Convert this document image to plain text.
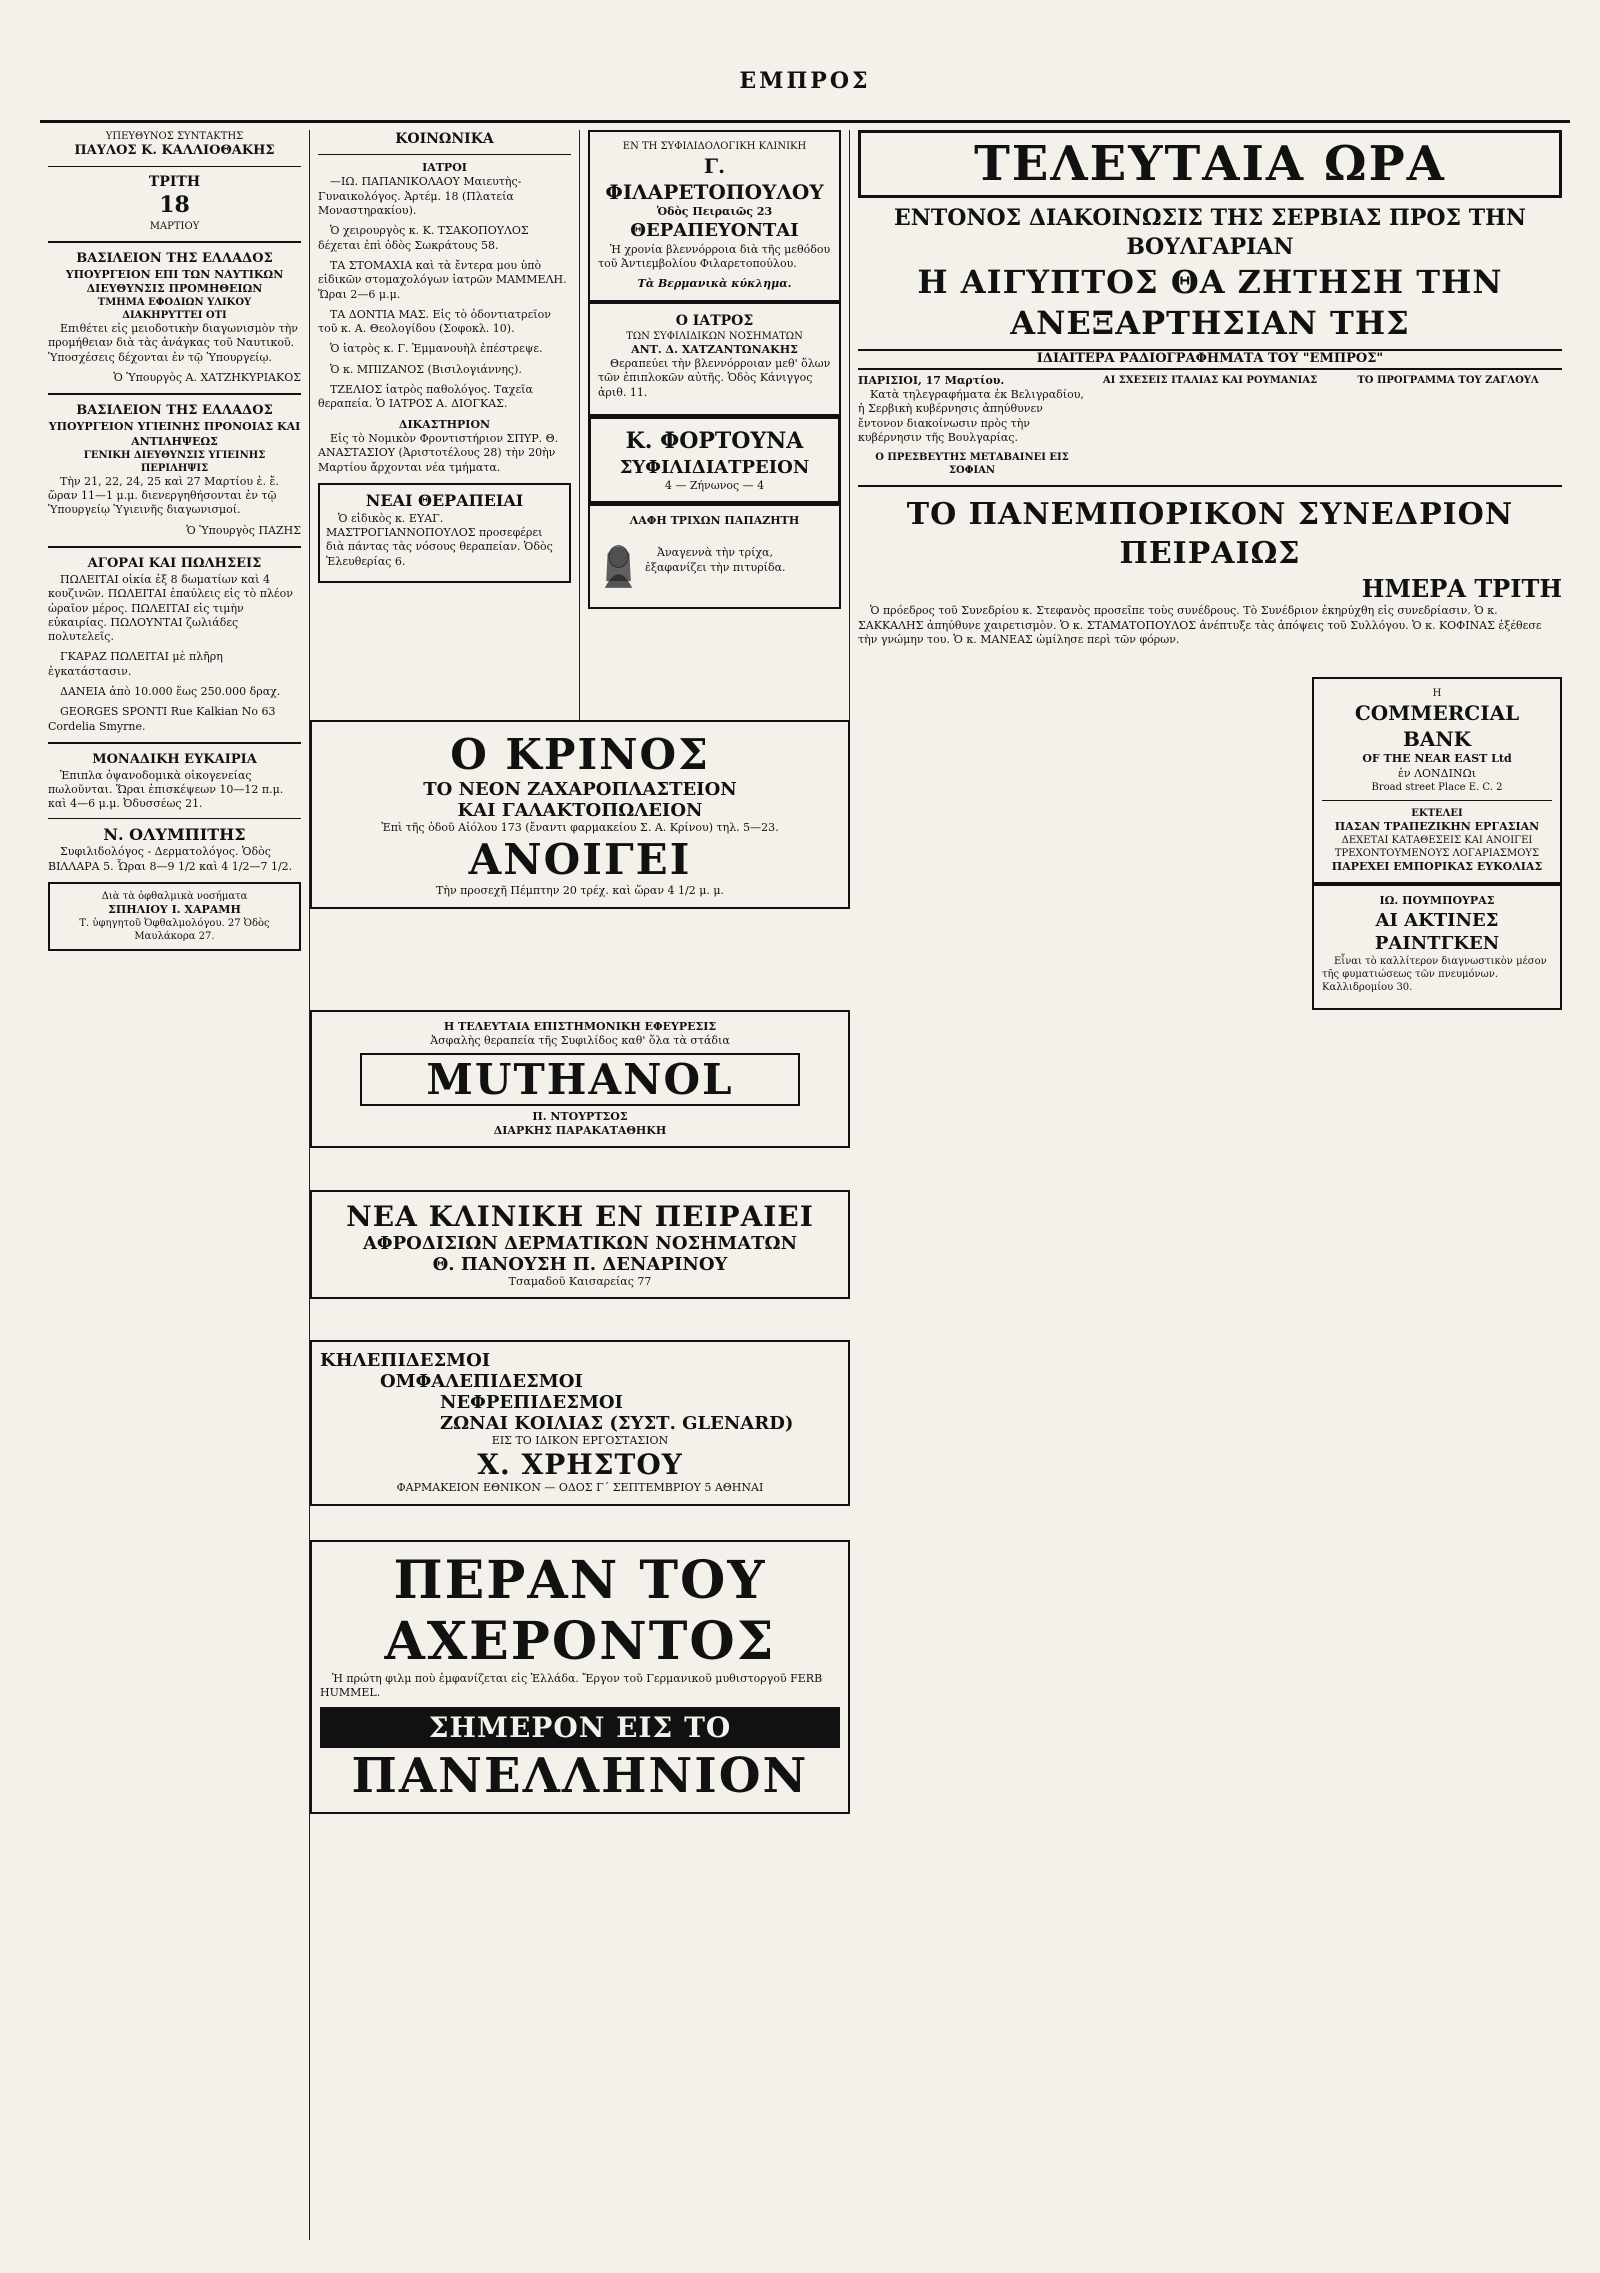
ΕΜΠΡΟΣ
ΥΠΕΥΘΥΝΟΣ ΣΥΝΤΑΚΤΗΣ
ΠΑΥΛΟΣ Κ. ΚΑΛΛΙΟΘΑΚΗΣ
ΤΡΙΤΗ
18
ΜΑΡΤΙΟΥ
ΒΑΣΙΛΕΙΟΝ ΤΗΣ ΕΛΛΑΔΟΣ
ΥΠΟΥΡΓΕΙΟΝ ΕΠΙ ΤΩΝ ΝΑΥΤΙΚΩΝ
ΔΙΕΥΘΥΝΣΙΣ ΠΡΟΜΗΘΕΙΩΝ
ΤΜΗΜΑ ΕΦΟΔΙΩΝ ΥΛΙΚΟΥ
ΔΙΑΚΗΡΥΤΤΕΙ ΟΤΙ

Επιθέτει εἰς μειοδοτικὴν διαγωνισμὸν τὴν προμήθειαν διὰ τὰς ἀνάγκας τοῦ Ναυτικοῦ. Ὑποσχέσεις δέχονται ἐν τῷ Ὑπουργείῳ.

Ὁ Ὑπουργὸς Α. ΧΑΤΖΗΚΥΡΙΑΚΟΣ
ΒΑΣΙΛΕΙΟΝ ΤΗΣ ΕΛΛΑΔΟΣ
ΥΠΟΥΡΓΕΙΟΝ ΥΓΙΕΙΝΗΣ ΠΡΟΝΟΙΑΣ ΚΑΙ ΑΝΤΙΛΗΨΕΩΣ
ΓΕΝΙΚΗ ΔΙΕΥΘΥΝΣΙΣ ΥΓΙΕΙΝΗΣ
ΠΕΡΙΛΗΨΙΣ

Τὴν 21, 22, 24, 25 καὶ 27 Μαρτίου ἐ. ἔ. ὥραν 11—1 μ.μ. διενεργηθήσονται ἐν τῷ Ὑπουργείῳ Ὑγιεινῆς διαγωνισμοί.

Ὁ Ὑπουργὸς ΠΑΖΗΣ
ΑΓΟΡΑΙ ΚΑΙ ΠΩΛΗΣΕΙΣ

ΠΩΛΕΙΤΑΙ οἰκία ἐξ 8 δωματίων καὶ 4 κουζινῶν. ΠΩΛΕΙΤΑΙ ἐπαύλεις εἰς τὸ πλέον ὡραῖον μέρος. ΠΩΛΕΙΤΑΙ εἰς τιμὴν εὐκαιρίας. ΠΩΛΟΥΝΤΑΙ ζωλιάδες πολυτελεῖς.

ΓΚΑΡΑΖ ΠΩΛΕΙΤΑΙ μὲ πλῆρη ἐγκατάστασιν.

ΔΑΝΕΙΑ ἀπὸ 10.000 ἕως 250.000 δραχ.

GEORGES SPONTI Rue Kalkian No 63 Cordelia Smyrne.

ΜΟΝΑΔΙΚΗ ΕΥΚΑΙΡΙΑ

Ἐπιπλα ὀψανοδομικὰ οἰκογενείας πωλοῦνται. Ὥραι ἐπισκέψεων 10—12 π.μ. καὶ 4—6 μ.μ. Ὀδυσσέως 21.

Ν. ΟΛΥΜΠΙΤΗΣ

Συφιλιδολόγος - Δερματολόγος. Ὁδὸς ΒΙΛΛΑΡΑ 5. Ὧραι 8—9 1/2 καὶ 4 1/2—7 1/2.

Διὰ τὰ ὀφθαλμικὰ νοσήματα
ΣΠΗΛΙΟΥ Ι. ΧΑΡΑΜΗ
Τ. ὑφηγητοῦ Ὀφθαλμολόγου. 27 Ὀδὸς Μαυλάκορα 27.
ΚΟΙΝΩΝΙΚΑ
ΙΑΤΡΟΙ

—ΙΩ. ΠΑΠΑΝΙΚΟΛΑΟΥ Μαιευτὴς-Γυναικολόγος. Ἀρτέμ. 18 (Πλατεία Μοναστηρακίου).

Ὁ χειρουργὸς κ. Κ. ΤΣΑΚΟΠΟΥΛΟΣ δέχεται ἐπὶ ὁδὸς Σωκράτους 58.

ΤΑ ΣΤΟΜΑΧΙΑ καὶ τὰ ἔντερα μου ὑπὸ εἰδικῶν στομαχολόγων ἰατρῶν ΜΑΜΜΕΛΗ. Ὥραι 2—6 μ.μ.

ΤΑ ΔΟΝΤΙΑ ΜΑΣ. Εἰς τὸ ὀδοντιατρεῖον τοῦ κ. Α. Θεολογίδου (Σοφοκλ. 10).

Ὁ ἰατρὸς κ. Γ. Ἐμμανουὴλ ἐπέστρεψε.

Ὁ κ. ΜΠΙΖΑΝΟΣ (Βισιλογιάννης).

ΤΖΕΛΙΟΣ ἰατρὸς παθολόγος. Ταχεῖα θεραπεία. Ὁ ΙΑΤΡΟΣ Α. ΔΙΟΓΚΑΣ.

ΔΙΚΑΣΤΗΡΙΟΝ

Εἰς τὸ Νομικὸν Φροντιστήριον ΣΠΥΡ. Θ. ΑΝΑΣΤΑΣΙΟΥ (Ἀριστοτέλους 28) τὴν 20ὴν Μαρτίου ἄρχονται νέα τμήματα.

ΝΕΑΙ ΘΕΡΑΠΕΙΑΙ

Ὁ εἰδικὸς κ. ΕΥΑΓ. ΜΑΣΤΡΟΓΙΑΝΝΟΠΟΥΛΟΣ προσεφέρει διὰ πάντας τὰς νόσους θεραπείαν. Ὁδὸς Ἐλευθερίας 6.

ΕΝ ΤΗ ΣΥΦΙΛΙΔΟΛΟΓΙΚΗ ΚΛΙΝΙΚΗ
Γ. ΦΙΛΑΡΕΤΟΠΟΥΛΟΥ
Ὁδὸς Πειραιῶς 23
ΘΕΡΑΠΕΥΟΝΤΑΙ

Ἡ χρονία βλεννόρροια διὰ τῆς μεθόδου τοῦ Ἀντιεμβολίου Φιλαρετοπούλου.

Τὰ Βερμανικὰ κύκλημα.
Ο ΙΑΤΡΟΣ
ΤΩΝ ΣΥΦΙΛΙΔΙΚΩΝ ΝΟΣΗΜΑΤΩΝ
ΑΝΤ. Δ. ΧΑΤΖΑΝΤΩΝΑΚΗΣ

Θεραπεύει τὴν βλεννόρροιαν μεθ' ὅλων τῶν ἐπιπλοκῶν αὐτῆς. Ὁδὸς Κάνιγγος ἀριθ. 11.

Κ. ΦΟΡΤΟΥΝΑ
ΣΥΦΙΛΙΔΙΑΤΡΕΙΟΝ
4 — Ζήνωνος — 4
ΛΑΦΗ ΤΡΙΧΩΝ ΠΑΠΑΖΗΤΗ

Ἀναγεννὰ τὴν τρίχα, ἐξαφανίζει τὴν πιτυρίδα.

Ο ΚΡΙΝΟΣ
ΤΟ ΝΕΟΝ ΖΑΧΑΡΟΠΛΑΣΤΕΙΟΝ
ΚΑΙ ΓΑΛΑΚΤΟΠΩΛΕΙΟΝ
Ἐπὶ τῆς ὁδοῦ Αἰόλου 173 (ἔναντι φαρμακείου Σ. Α. Κρίνου) τηλ. 5—23.
ΑΝΟΙΓΕΙ
Τὴν προσεχῆ Πέμπτην 20 τρέχ. καὶ ὥραν 4 1/2 μ. μ.
Η ΤΕΛΕΥΤΑΙΑ ΕΠΙΣΤΗΜΟΝΙΚΗ ΕΦΕΥΡΕΣΙΣ
Ἀσφαλὴς θεραπεία τῆς Συφιλίδος καθ' ὅλα τὰ στάδια
MUTHANOL
Π. ΝΤΟΥΡΤΣΟΣ
ΔΙΑΡΚΗΣ ΠΑΡΑΚΑΤΑΘΗΚΗ
ΝΕΑ ΚΛΙΝΙΚΗ ΕΝ ΠΕΙΡΑΙΕΙ
ΑΦΡΟΔΙΣΙΩΝ ΔΕΡΜΑΤΙΚΩΝ ΝΟΣΗΜΑΤΩΝ
Θ. ΠΑΝΟΥΣΗ Π. ΔΕΝΑΡΙΝΟΥ
Τσαμαδοῦ Καισαρείας 77
ΚΗΛΕΠΙΔΕΣΜΟΙ
ΟΜΦΑΛΕΠΙΔΕΣΜΟΙ
ΝΕΦΡΕΠΙΔΕΣΜΟΙ
ΖΩΝΑΙ ΚΟΙΛΙΑΣ (ΣΥΣΤ. GLENARD)
ΕΙΣ ΤΟ ΙΔΙΚΟΝ ΕΡΓΟΣΤΑΣΙΟΝ
Χ. ΧΡΗΣΤΟΥ
ΦΑΡΜΑΚΕΙΟΝ ΕΘΝΙΚΟΝ — ΟΔΟΣ Γ΄ ΣΕΠΤΕΜΒΡΙΟΥ 5 ΑΘΗΝΑΙ
ΠΕΡΑΝ ΤΟΥ ΑΧΕΡΟΝΤΟΣ

Ἡ πρώτη φιλμ ποὺ ἐμφανίζεται εἰς Ἑλλάδα. Ἔργον τοῦ Γερμανικοῦ μυθιστοργοῦ FERB HUMMEL.

ΣΗΜΕΡΟΝ ΕΙΣ ΤΟ
ΠΑΝΕΛΛΗΝΙΟΝ
ΤΕΛΕΥΤΑΙΑ ΩΡΑ
ΕΝΤΟΝΟΣ ΔΙΑΚΟΙΝΩΣΙΣ ΤΗΣ ΣΕΡΒΙΑΣ ΠΡΟΣ ΤΗΝ ΒΟΥΛΓΑΡΙΑΝ
Η ΑΙΓΥΠΤΟΣ ΘΑ ΖΗΤΗΣΗ ΤΗΝ ΑΝΕΞΑΡΤΗΣΙΑΝ ΤΗΣ
ΙΔΙΑΙΤΕΡΑ ΡΑΔΙΟΓΡΑΦΗΜΑΤΑ ΤΟΥ "ΕΜΠΡΟΣ"
ΠΑΡΙΣΙΟΙ, 17 Μαρτίου.

Κατὰ τηλεγραφήματα ἐκ Βελιγραδίου, ἡ Σερβικὴ κυβέρνησις ἀπηύθυνεν ἔντονον διακοίνωσιν πρὸς τὴν κυβέρνησιν τῆς Βουλγαρίας.

Ο ΠΡΕΣΒΕΥΤΗΣ ΜΕΤΑΒΑΙΝΕΙ ΕΙΣ ΣΟΦΙΑΝ
ΑΙ ΣΧΕΣΕΙΣ ΙΤΑΛΙΑΣ ΚΑΙ ΡΟΥΜΑΝΙΑΣ	ΤΟ ΠΡΟΓΡΑΜΜΑ ΤΟΥ ΖΑΓΛΟΥΛ
ΤΟ ΠΑΝΕΜΠΟΡΙΚΟΝ ΣΥΝΕΔΡΙΟΝ ΠΕΙΡΑΙΩΣ
ΗΜΕΡΑ ΤΡΙΤΗ

Ὁ πρόεδρος τοῦ Συνεδρίου κ. Στεφανὸς προσεῖπε τοὺς συνέδρους. Τὸ Συνέδριον ἐκηρύχθη εἰς συνεδρίασιν. Ὁ κ. ΣΑΚΚΑΛΗΣ ἀπηύθυνε χαιρετισμὸν. Ὁ κ. ΣΤΑΜΑΤΟΠΟΥΛΟΣ ἀνέπτυξε τὰς ἀπόψεις τοῦ Συλλόγου. Ὁ κ. ΚΟΦΙΝΑΣ ἐξέθεσε τὴν γνώμην του. Ὁ κ. ΜΑΝΕΑΣ ὡμίλησε περὶ τῶν φόρων.

Η
COMMERCIAL BANK
OF THE NEAR EAST Ltd
ἐν ΛΟΝΔΙΝΩι
Broad street Place E. C. 2
ΕΚΤΕΛΕΙ
ΠΑΣΑΝ ΤΡΑΠΕΖΙΚΗΝ ΕΡΓΑΣΙΑΝ
ΔΕΧΕΤΑΙ ΚΑΤΑΘΕΣΕΙΣ ΚΑΙ ΑΝΟΙΓΕΙ ΤΡΕΧΟΝΤΟΥΜΕΝΟΥΣ ΛΟΓΑΡΙΑΣΜΟΥΣ
ΠΑΡΕΧΕΙ ΕΜΠΟΡΙΚΑΣ ΕΥΚΟΛΙΑΣ
ΙΩ. ΠΟΥΜΠΟΥΡΑΣ
ΑΙ ΑΚΤΙΝΕΣ ΡΑΙΝΤΓΚΕΝ

Εἶναι τὸ καλλίτερον διαγνωστικὸν μέσον τῆς φυματιώσεως τῶν πνευμόνων. Καλλιδρομίου 30.
